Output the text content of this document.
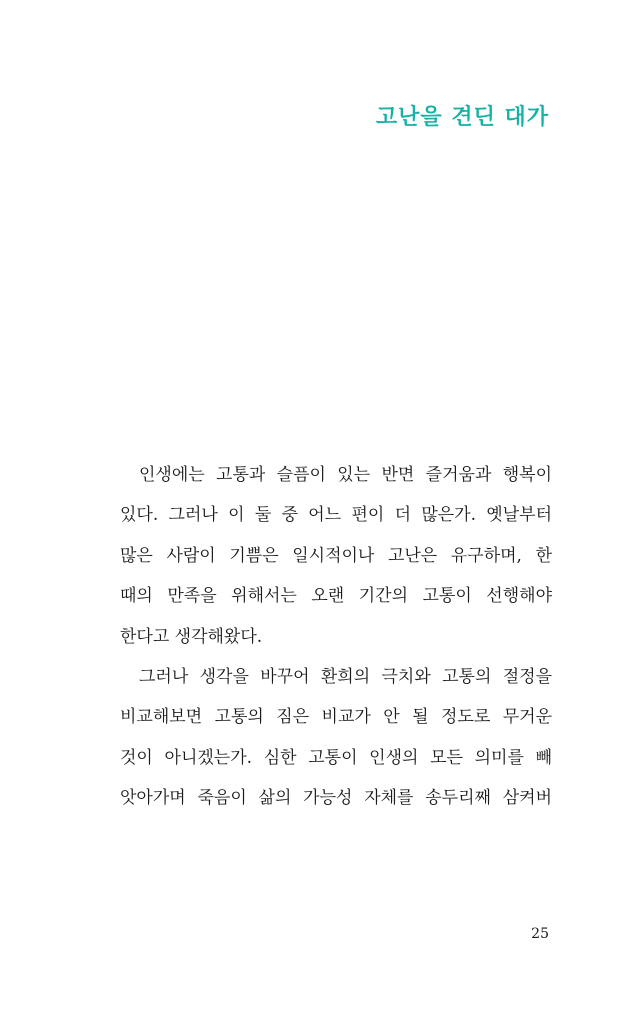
고난을 견딘 대가

인생에는 고통과 슬픔이 있는 반면 즐거움과 행복이
있다. 그러나 이 둘 중 어느 편이 더 많은가. 옛날부터
많은 사람이 기쁨은 일시적이나 고난은 유구하며, 한
때의 만족을 위해서는 오랜 기간의 고통이 선행해야
한다고 생각해왔다.

그러나 생각을 바꾸어 환희의 극치와 고통의 절정을
비교해보면 고통의 짐은 비교가 안 될 정도로 무거운
것이 아니겠는가. 심한 고통이 인생의 모든 의미를 빼
앗아가며 죽음이 삶의 가능성 자체를 송두리째 삼켜버

25
